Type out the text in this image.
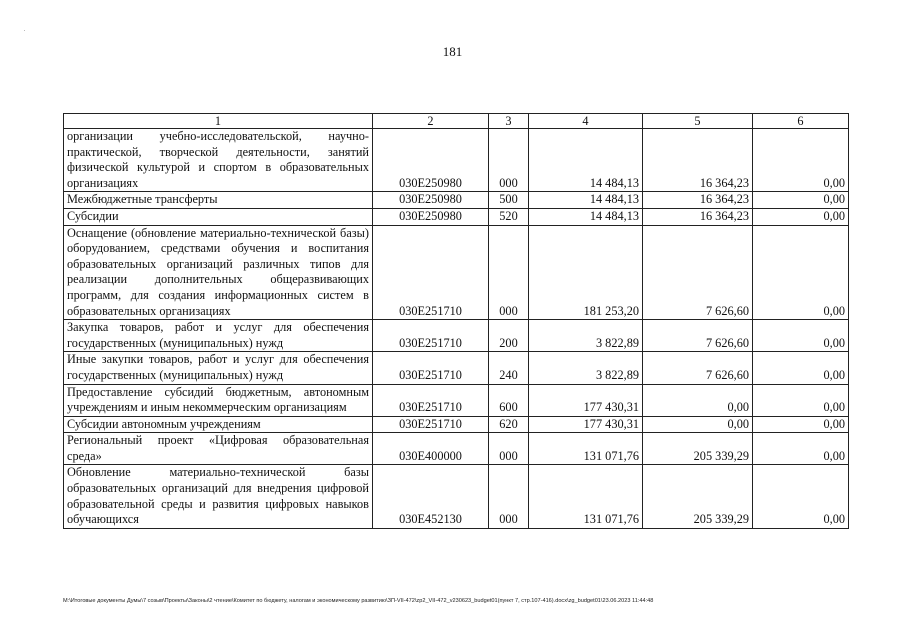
181
1	2	3	4	5	6
организации учебно-исследовательской, научно-практической, творческой деятельности, занятий физической культурой и спортом в образовательных организациях	030E250980	000	14 484,13	16 364,23	0,00
Межбюджетные трансферты	030E250980	500	14 484,13	16 364,23	0,00
Субсидии	030E250980	520	14 484,13	16 364,23	0,00
Оснащение (обновление материально-технической базы) оборудованием, средствами обучения и воспитания образовательных организаций различных типов для реализации дополнительных общеразвивающих программ, для создания информационных систем в образовательных организациях	030E251710	000	181 253,20	7 626,60	0,00
Закупка товаров, работ и услуг для обеспечения государственных (муниципальных) нужд	030E251710	200	3 822,89	7 626,60	0,00
Иные закупки товаров, работ и услуг для обеспечения государственных (муниципальных) нужд	030E251710	240	3 822,89	7 626,60	0,00
Предоставление субсидий бюджетным, автономным учреждениям и иным некоммерческим организациям	030E251710	600	177 430,31	0,00	0,00
Субсидии автономным учреждениям	030E251710	620	177 430,31	0,00	0,00
Региональный проект «Цифровая образовательная среда»	030E400000	000	131 071,76	205 339,29	0,00
Обновление материально-технической базы образовательных организаций для внедрения цифровой образовательной среды и развития цифровых навыков обучающихся	030E452130	000	131 071,76	205 339,29	0,00
M:\Итоговые документы Думы\7 созыв\Проекты\Законы\2 чтение\Комитет по бюджету, налогам и экономическому развитию\ЗП-VII-472\zp2_VII-472_v230623_budget01(пункт 7, стр.107-416).docx\zg_budget01\23.06.2023 11:44:48
